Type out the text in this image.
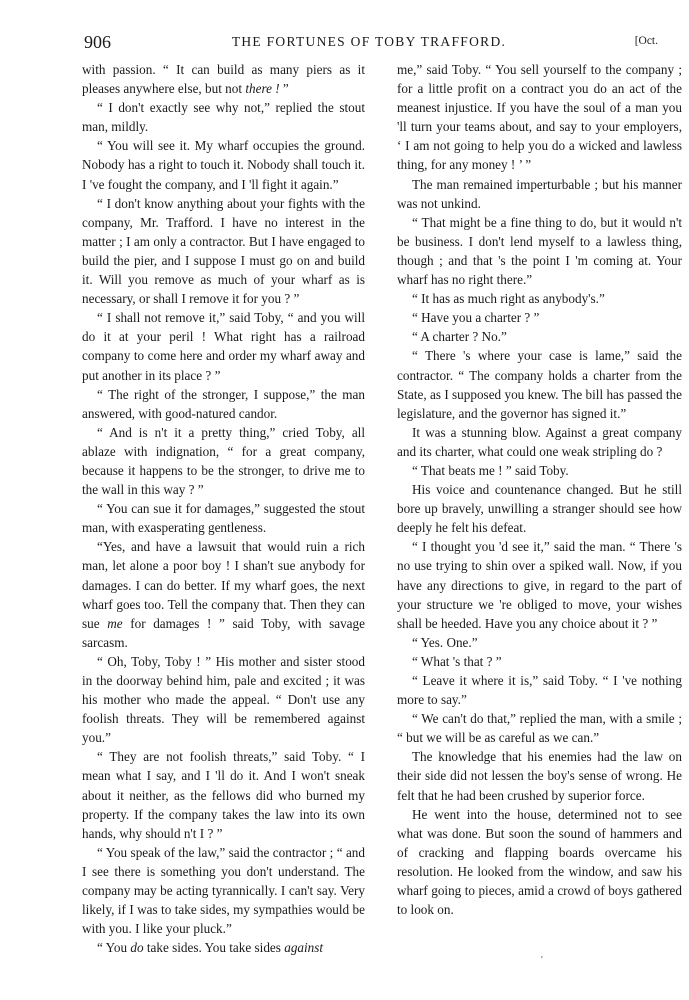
906	THE FORTUNES OF TOBY TRAFFORD.	[Oct.

with passion. “ It can build as many piers as it pleases anywhere else, but not there ! ”

“ I don't exactly see why not,” replied the stout man, mildly.

“ You will see it. My wharf occupies the ground. Nobody has a right to touch it. Nobody shall touch it. I 've fought the company, and I 'll fight it again.”

“ I don't know anything about your fights with the company, Mr. Trafford. I have no interest in the matter ; I am only a contractor. But I have engaged to build the pier, and I suppose I must go on and build it. Will you remove as much of your wharf as is necessary, or shall I remove it for you ? ”

“ I shall not remove it,” said Toby, “ and you will do it at your peril ! What right has a railroad company to come here and order my wharf away and put another in its place ? ”

“ The right of the stronger, I suppose,” the man answered, with good-natured candor.

“ And is n't it a pretty thing,” cried Toby, all ablaze with indignation, “ for a great company, because it happens to be the stronger, to drive me to the wall in this way ? ”

“ You can sue it for damages,” suggested the stout man, with exasperating gentleness.

“Yes, and have a lawsuit that would ruin a rich man, let alone a poor boy ! I shan't sue anybody for damages. I can do better. If my wharf goes, the next wharf goes too. Tell the company that. Then they can sue me for damages ! ” said Toby, with savage sarcasm.

“ Oh, Toby, Toby ! ” His mother and sister stood in the doorway behind him, pale and excited ; it was his mother who made the appeal. “ Don't use any foolish threats. They will be remembered against you.”

“ They are not foolish threats,” said Toby. “ I mean what I say, and I 'll do it. And I won't sneak about it neither, as the fellows did who burned my property. If the company takes the law into its own hands, why should n't I ? ”

“ You speak of the law,” said the contractor ; “ and I see there is something you don't understand. The company may be acting tyrannically. I can't say. Very likely, if I was to take sides, my sympathies would be with you. I like your pluck.”

“ You do take sides. You take sides against

me,” said Toby. “ You sell yourself to the company ; for a little profit on a contract you do an act of the meanest injustice. If you have the soul of a man you 'll turn your teams about, and say to your employers, ‘ I am not going to help you do a wicked and lawless thing, for any money ! ’ ”

The man remained imperturbable ; but his manner was not unkind.

“ That might be a fine thing to do, but it would n't be business. I don't lend myself to a lawless thing, though ; and that 's the point I 'm coming at. Your wharf has no right there.”

“ It has as much right as anybody's.”

“ Have you a charter ? ”

“ A charter ? No.”

“ There 's where your case is lame,” said the contractor. “ The company holds a charter from the State, as I supposed you knew. The bill has passed the legislature, and the governor has signed it.”

It was a stunning blow. Against a great company and its charter, what could one weak stripling do ?

“ That beats me ! ” said Toby.

His voice and countenance changed. But he still bore up bravely, unwilling a stranger should see how deeply he felt his defeat.

“ I thought you 'd see it,” said the man. “ There 's no use trying to shin over a spiked wall. Now, if you have any directions to give, in regard to the part of your structure we 're obliged to move, your wishes shall be heeded. Have you any choice about it ? ”

“ Yes. One.”

“ What 's that ? ”

“ Leave it where it is,” said Toby. “ I 've nothing more to say.”

“ We can't do that,” replied the man, with a smile ; “ but we will be as careful as we can.”

The knowledge that his enemies had the law on their side did not lessen the boy's sense of wrong. He felt that he had been crushed by superior force.

He went into the house, determined not to see what was done. But soon the sound of hammers and of cracking and flapping boards overcame his resolution. He looked from the window, and saw his wharf going to pieces, amid a crowd of boys gathered to look on.

'
